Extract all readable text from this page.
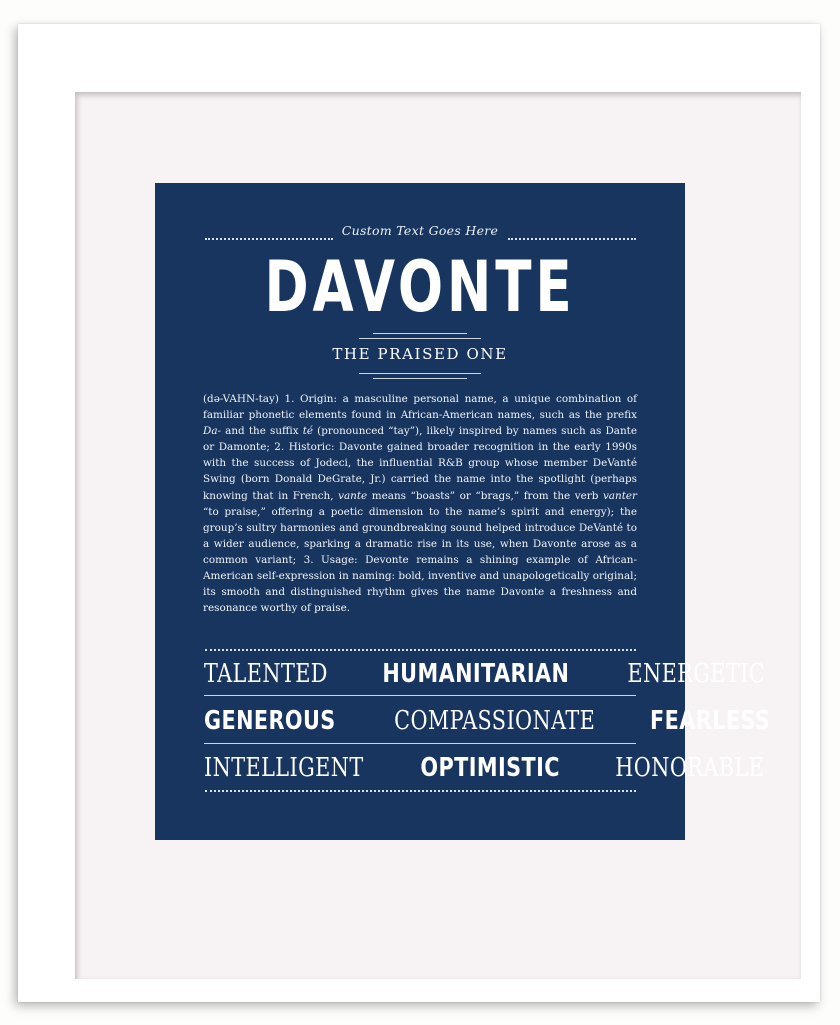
Custom Text Goes Here
DAVONTE
THE PRAISED ONE
(də-VAHN-tay) 1. Origin: a masculine personal name, a unique combination of familiar phonetic elements found in African-American names, such as the prefix Da- and the suffix té (pronounced “tay”), likely inspired by names such as Dante or Damonte; 2. Historic: Davonte gained broader recognition in the early 1990s with the success of Jodeci, the influential R&B group whose member DeVanté Swing (born Donald DeGrate, Jr.) carried the name into the spotlight (perhaps knowing that in French, vante means “boasts” or “brags,” from the verb vanter “to praise,” offering a poetic dimension to the name’s spirit and energy); the group’s sultry harmonies and groundbreaking sound helped introduce DeVanté to a wider audience, sparking a dramatic rise in its use, when Davonte arose as a common variant; 3. Usage: Devonte remains a shining example of African-American self-expression in naming: bold, inventive and unapologetically original; its smooth and distinguished rhythm gives the name Davonte a freshness and resonance worthy of praise.
TALENTED HUMANITARIAN ENERGETIC
GENEROUS COMPASSIONATE FEARLESS
INTELLIGENT OPTIMISTIC HONORABLE
